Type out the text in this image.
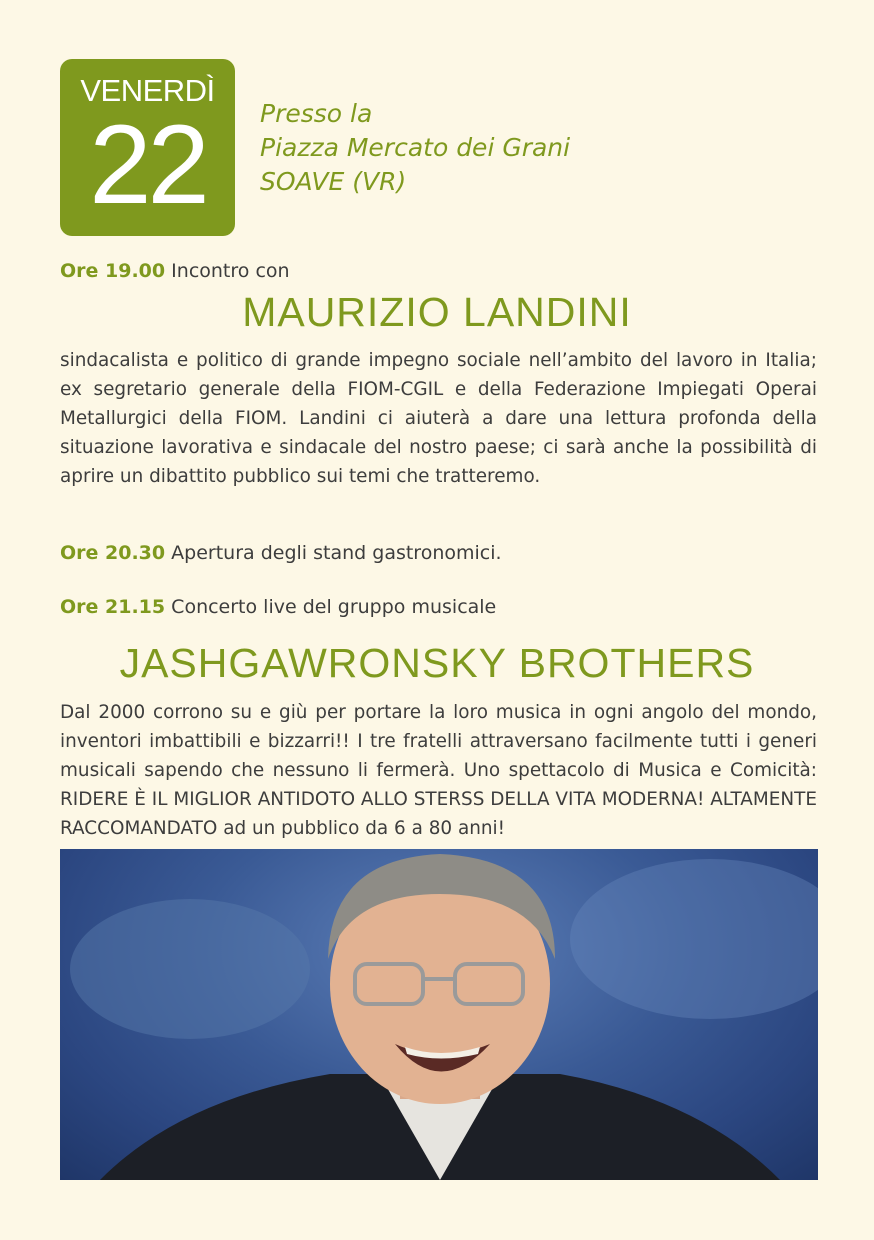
VENERDÌ
22	Presso la
Piazza Mercato dei Grani
SOAVE (VR)
Ore 19.00 Incontro con
MAURIZIO LANDINI
sindacalista e politico di grande impegno sociale nell’ambito del lavoro in Italia; ex segretario generale della FIOM-CGIL e della Federazione Impiegati Operai Metallurgici della FIOM. Landini ci aiuterà a dare una lettura profonda della situazione lavorativa e sindacale del nostro paese; ci sarà anche la possibilità di aprire un dibattito pubblico sui temi che tratteremo.
Ore 20.30 Apertura degli stand gastronomici.
Ore 21.15 Concerto live del gruppo musicale
JASHGAWRONSKY BROTHERS
Dal 2000 corrono su e giù per portare la loro musica in ogni angolo del mondo, inventori imbattibili e bizzarri!! I tre fratelli attraversano facilmente tutti i generi musicali sapendo che nessuno li fermerà. Uno spettacolo di Musica e Comicità: RIDERE È IL MIGLIOR ANTIDOTO ALLO STERSS DELLA VITA MODERNA! ALTAMENTE RACCOMANDATO ad un pubblico da 6 a 80 anni!
